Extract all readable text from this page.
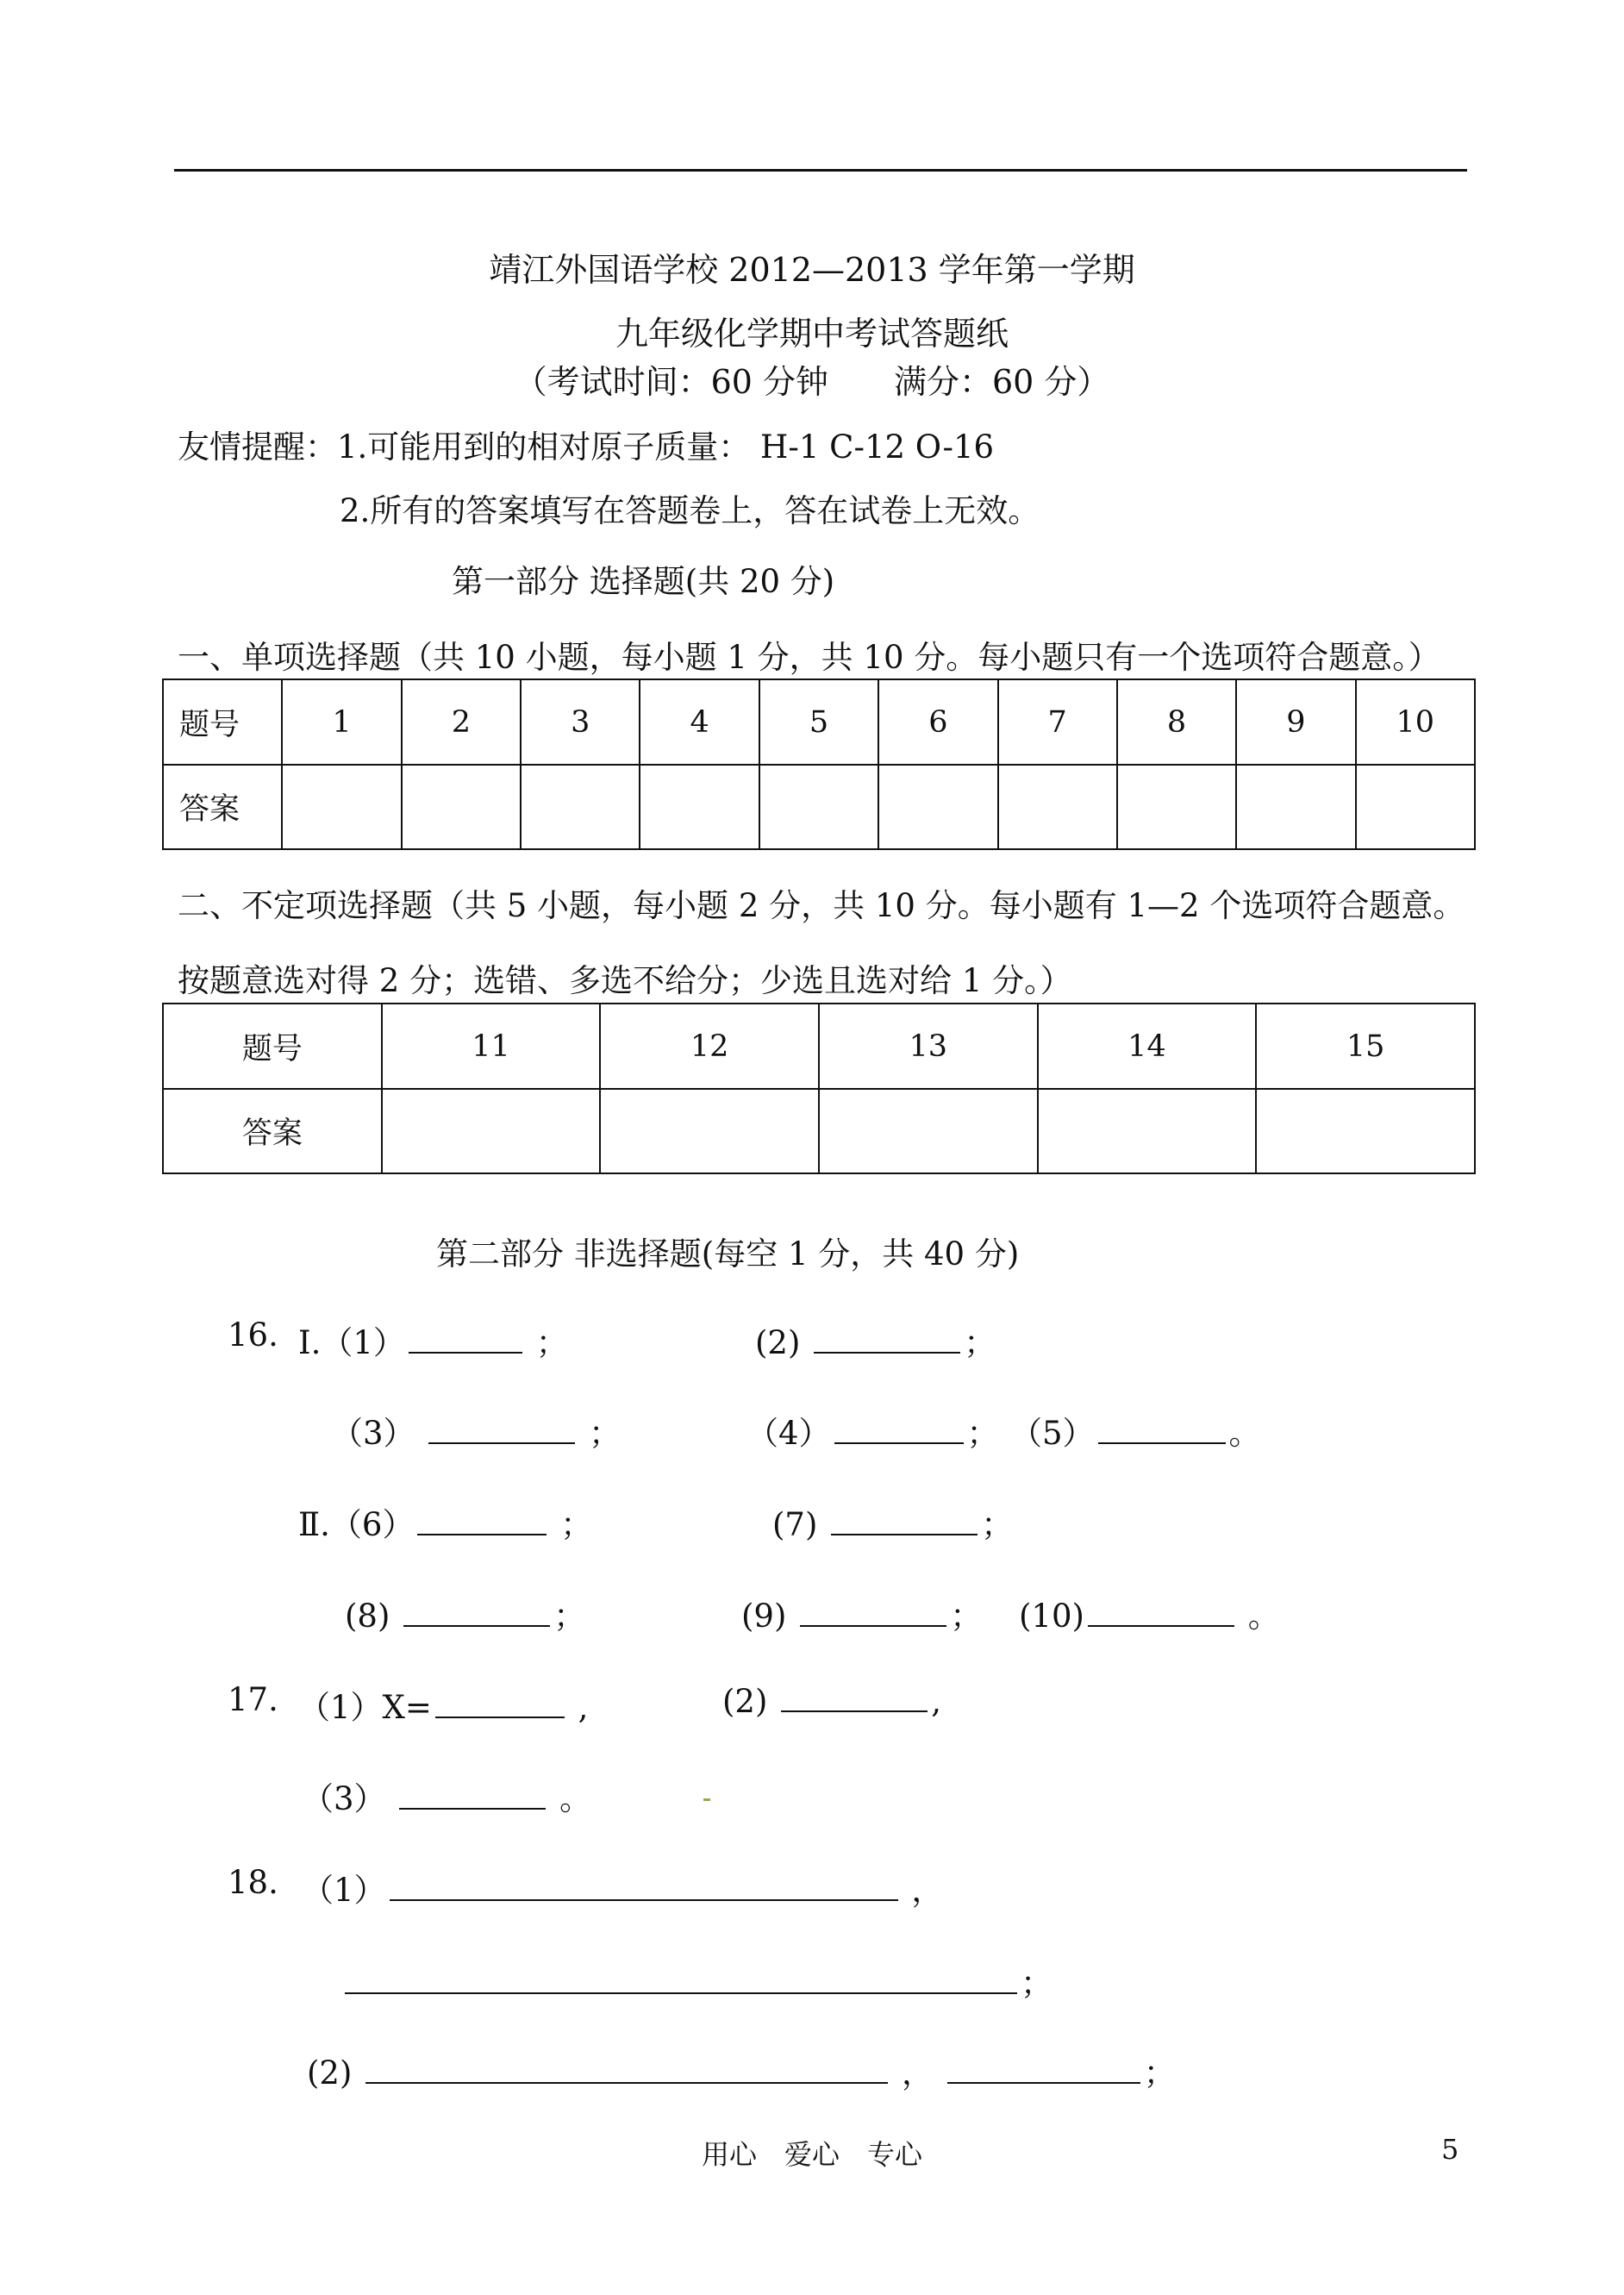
靖江外国语学校 2012—2013 学年第一学期
九年级化学期中考试答题纸
（考试时间：60 分钟　　满分：60 分）
友情提醒：1.可能用到的相对原子质量： H-1 C-12 O-16
2.所有的答案填写在答题卷上，答在试卷上无效。
第一部分 选择题(共 20 分)
一、单项选择题（共 10 小题，每小题 1 分，共 10 分。每小题只有一个选项符合题意。）
题号	1	2	3	4	5	6	7	8	9	10
答案										
二、不定项选择题（共 5 小题，每小题 2 分，共 10 分。每小题有 1—2 个选项符合题意。
按题意选对得 2 分；选错、多选不给分；少选且选对给 1 分。）
题号	11	12	13	14	15
答案					
第二部分 非选择题(每空 1 分，共 40 分)
16. Ⅰ.（1）	；	(2)	；
（3）	；	（4）	； （5）	。
Ⅱ.（6）	；	(7)	；
(8)	；	(9)	； (10)	。
17. （1）X=	,	(2)	,
（3）	。
18. （1）	，
；
(2)	，	；
用心　爱心　专心	5
